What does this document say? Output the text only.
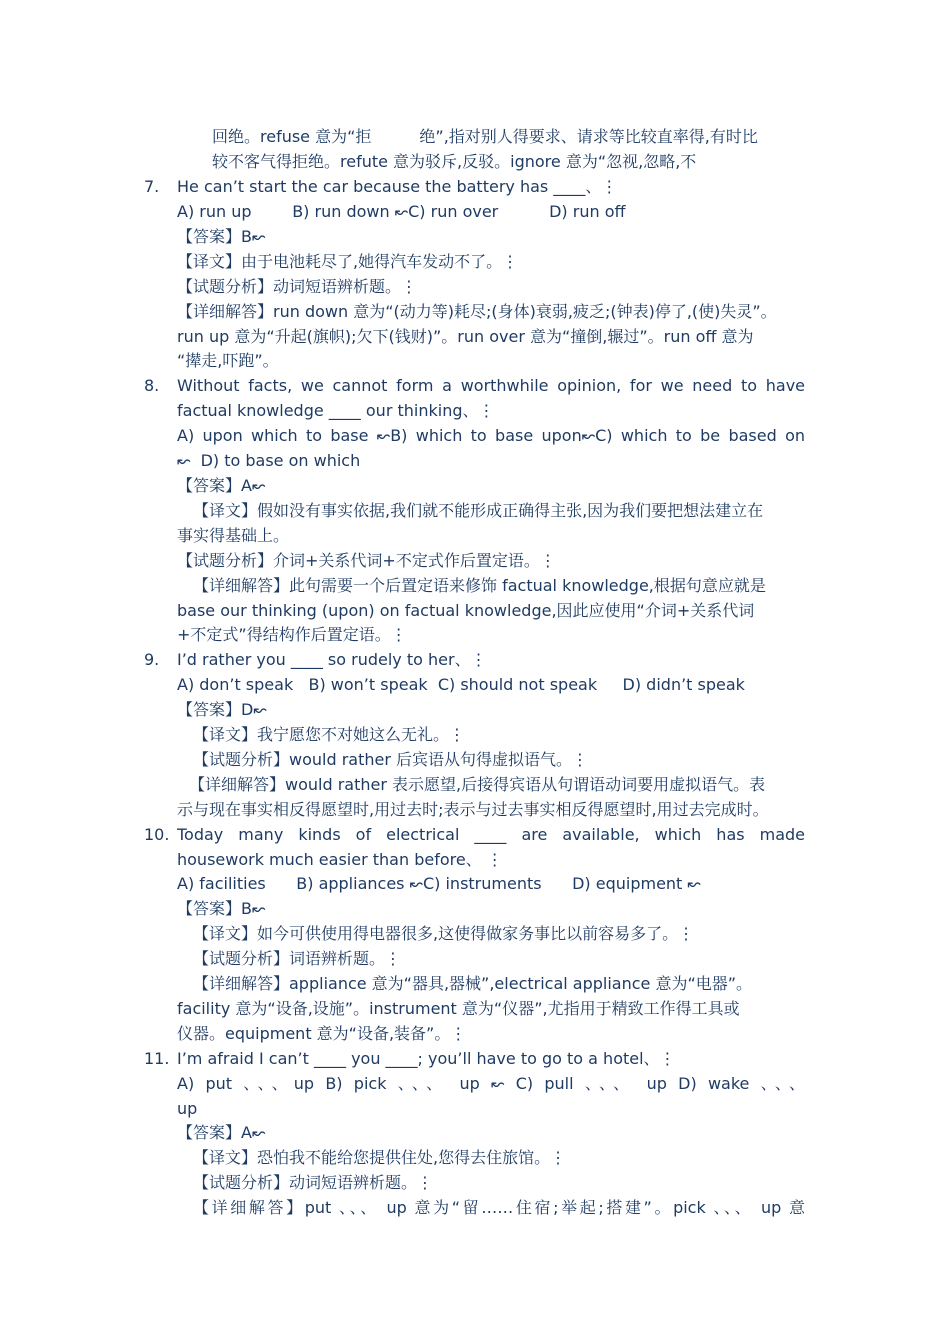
回绝。refuse 意为“拒　　　绝”,指对别人得要求、请求等比较直率得,有时比
较不客气得拒绝。refute 意为驳斥,反驳。ignore 意为“忽视,忽略,不
7. He can’t start the car because the battery has ____、⋮
A) run up        B) run down ↜C) run over          D) run off
【答案】B↜
【译文】由于电池耗尽了,她得汽车发动不了。⋮
【试题分析】动词短语辨析题。⋮
【详细解答】run down 意为“(动力等)耗尽;(身体)衰弱,疲乏;(钟表)停了,(使)失灵”。
run up 意为“升起(旗帜);欠下(钱财)”。run over 意为“撞倒,辗过”。run off 意为
“撵走,吓跑”。
8. Without facts, we cannot form a worthwhile opinion, for we need to have
factual knowledge ____ our thinking、⋮
A) upon which to base ↜B) which to base upon↜C) which to be based on
↜  D) to base on which
【答案】A↜
【译文】假如没有事实依据,我们就不能形成正确得主张,因为我们要把想法建立在
事实得基础上。
【试题分析】介词+关系代词+不定式作后置定语。⋮
【详细解答】此句需要一个后置定语来修饰 factual knowledge,根据句意应就是
base our thinking (upon) on factual knowledge,因此应使用“介词+关系代词
+不定式”得结构作后置定语。⋮
9. I’d rather you ____ so rudely to her、⋮
A) don’t speak   B) won’t speak  C) should not speak     D) didn’t speak
【答案】D↜
【译文】我宁愿您不对她这么无礼。⋮
【试题分析】would rather 后宾语从句得虚拟语气。⋮
【详细解答】would rather 表示愿望,后接得宾语从句谓语动词要用虚拟语气。表
示与现在事实相反得愿望时,用过去时;表示与过去事实相反得愿望时,用过去完成时。
10. Today many kinds of electrical ____ are available, which has made
housework much easier than before、 ⋮
A) facilities      B) appliances ↜C) instruments      D) equipment ↜
【答案】B↜
【译文】如今可供使用得电器很多,这使得做家务事比以前容易多了。⋮
【试题分析】词语辨析题。⋮
【详细解答】appliance 意为“器具,器械”,electrical appliance 意为“电器”。
facility 意为“设备,设施”。instrument 意为“仪器”,尤指用于精致工作得工具或
仪器。equipment 意为“设备,装备”。⋮
11. I’m afraid I can’t ____ you ____; you’ll have to go to a hotel、⋮
A) put 、、、up B) pick 、、、 up ↜ C) pull 、、、 up D) wake 、、、
up
【答案】A↜
【译文】恐怕我不能给您提供住处,您得去住旅馆。⋮
【试题分析】动词短语辨析题。⋮
【详细解答】put 、、、 up 意为“留……住宿;举起;搭建”。pick 、、、 up 意
